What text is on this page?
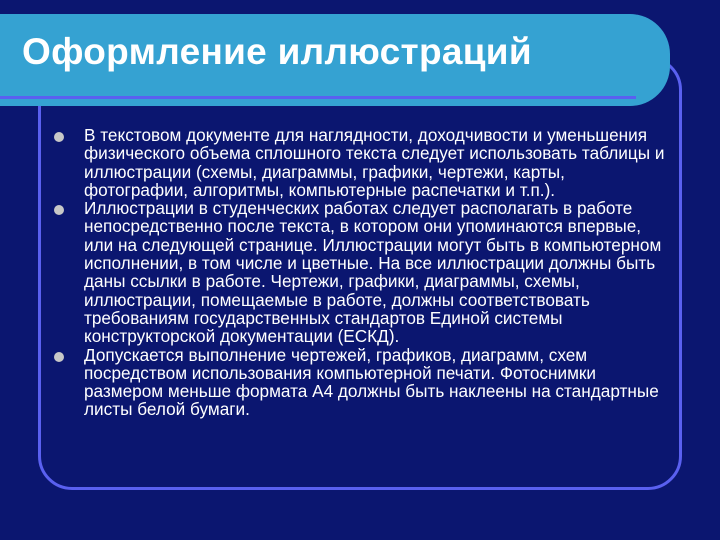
Оформление иллюстраций
В текстовом документе для наглядности, доходчивости и уменьшения физического объема сплошного текста следует использовать таблицы и иллюстрации (схемы, диаграммы, графики, чертежи, карты, фотографии, алгоритмы, компьютерные распечатки и т.п.).
Иллюстрации в студенческих работах следует располагать в работе непосредственно после текста, в котором они упоминаются впервые, или на следующей странице. Иллюстрации могут быть в компьютерном исполнении, в том числе и цветные. На все иллюстрации должны быть даны ссылки в работе. Чертежи, графики, диаграммы, схемы, иллюстрации, помещаемые в работе, должны соответствовать требованиям государственных стандартов Единой системы конструкторской документации (ЕСКД).
Допускается выполнение чертежей, графиков, диаграмм, схем посредством использования компьютерной печати. Фотоснимки размером меньше формата А4 должны быть наклеены на стандартные листы белой бумаги.
